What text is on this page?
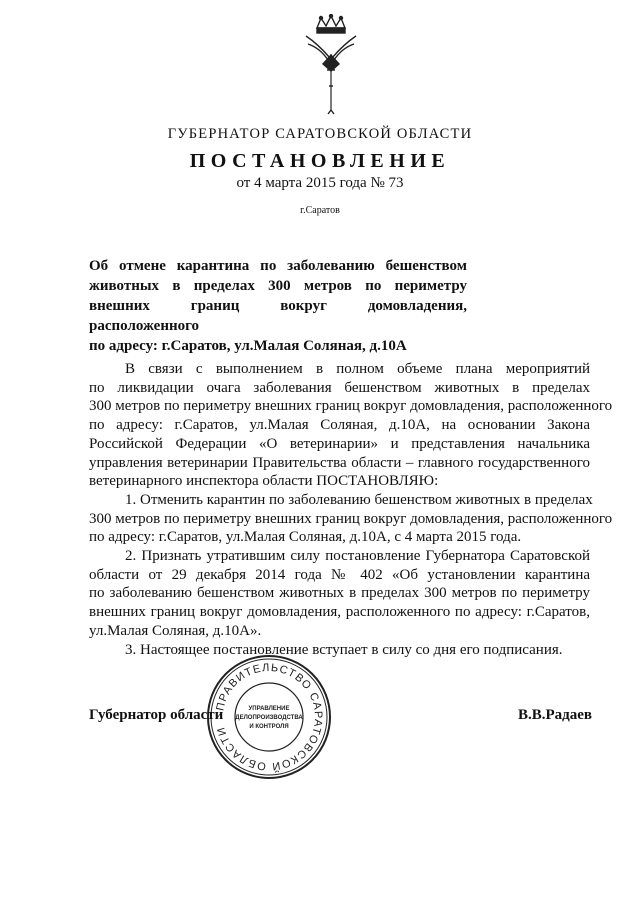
ГУБЕРНАТОР САРАТОВСКОЙ ОБЛАСТИ
ПОСТАНОВЛЕНИЕ
от 4 марта 2015 года № 73
г.Саратов
Об отмене карантина по заболеванию бешенством
животных в пределах 300 метров по периметру
внешних границ вокруг домовладения, расположенного
по адресу: г.Саратов, ул.Малая Соляная, д.10А
В связи с выполнением в полном объеме плана мероприятий
по ликвидации очага заболевания бешенством животных в пределах
300 метров по периметру внешних границ вокруг домовладения, расположенного
по адресу: г.Саратов, ул.Малая Соляная, д.10А, на основании Закона
Российской Федерации «О ветеринарии» и представления начальника
управления ветеринарии Правительства области – главного государственного
ветеринарного инспектора области ПОСТАНОВЛЯЮ:
1. Отменить карантин по заболеванию бешенством животных в пределах
300 метров по периметру внешних границ вокруг домовладения, расположенного
по адресу: г.Саратов, ул.Малая Соляная, д.10А, с 4 марта 2015 года.
2. Признать утратившим силу постановление Губернатора Саратовской
области от 29 декабря 2014 года № 402 «Об установлении карантина
по заболеванию бешенством животных в пределах 300 метров по периметру
внешних границ вокруг домовладения, расположенного по адресу: г.Саратов,
ул.Малая Соляная, д.10А».
3. Настоящее постановление вступает в силу со дня его подписания.
ПРАВИТЕЛЬСТВО САРАТОВСКОЙ ОБЛАСТИ
УПРАВЛЕНИЕ
ДЕЛОПРОИЗВОДСТВА
И КОНТРОЛЯ
Губернатор области	В.В.Радаев
